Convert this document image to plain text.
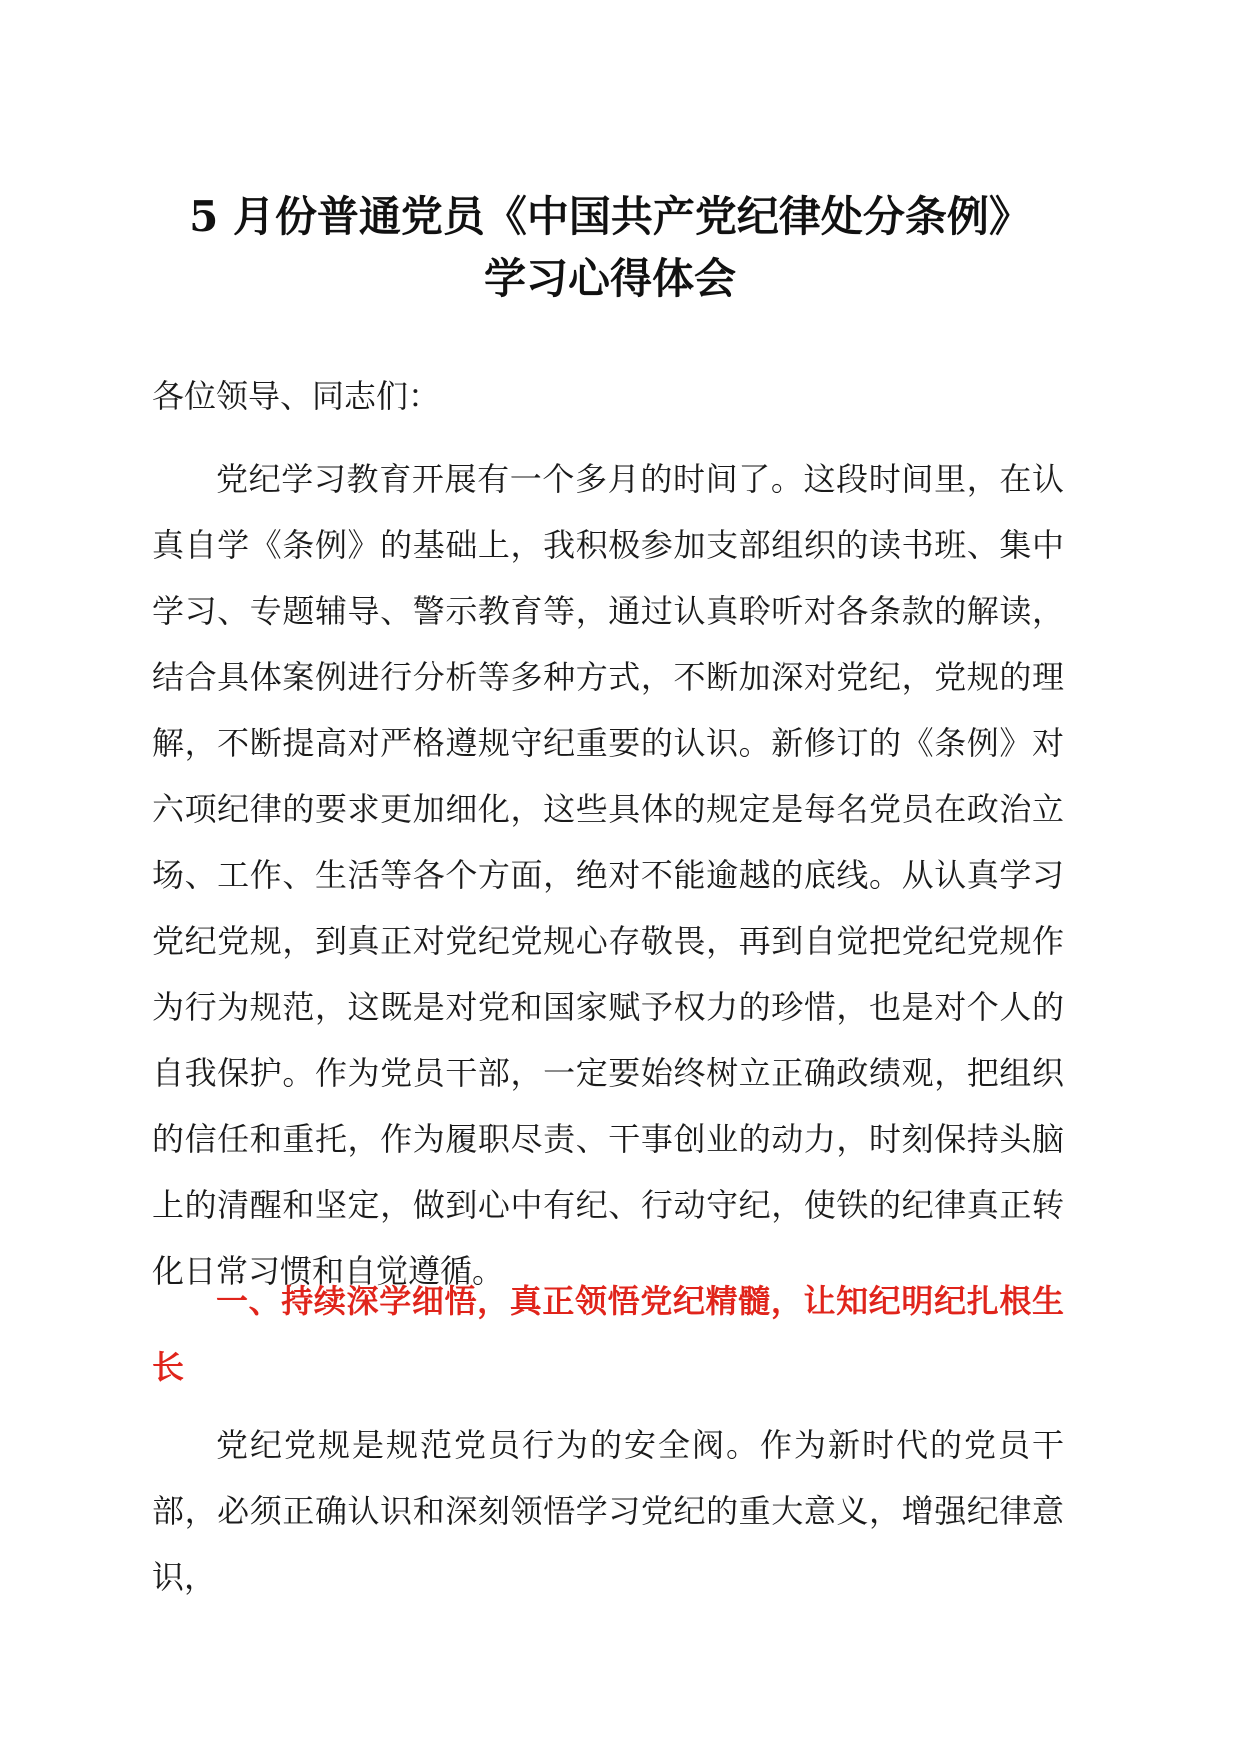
5 月份普通党员《中国共产党纪律处分条例》
学习心得体会

各位领导、同志们：

党纪学习教育开展有一个多月的时间了。这段时间里，在认真自学《条例》的基础上，我积极参加支部组织的读书班、集中学习、专题辅导、警示教育等，通过认真聆听对各条款的解读，结合具体案例进行分析等多种方式，不断加深对党纪，党规的理解，不断提高对严格遵规守纪重要的认识。新修订的《条例》对六项纪律的要求更加细化，这些具体的规定是每名党员在政治立场、工作、生活等各个方面，绝对不能逾越的底线。从认真学习党纪党规，到真正对党纪党规心存敬畏，再到自觉把党纪党规作为行为规范，这既是对党和国家赋予权力的珍惜，也是对个人的自我保护。作为党员干部，一定要始终树立正确政绩观，把组织的信任和重托，作为履职尽责、干事创业的动力，时刻保持头脑上的清醒和坚定，做到心中有纪、行动守纪，使铁的纪律真正转化日常习惯和自觉遵循。

一、持续深学细悟，真正领悟党纪精髓，让知纪明纪扎根生长

党纪党规是规范党员行为的安全阀。作为新时代的党员干部，必须正确认识和深刻领悟学习党纪的重大意义，增强纪律意识，
